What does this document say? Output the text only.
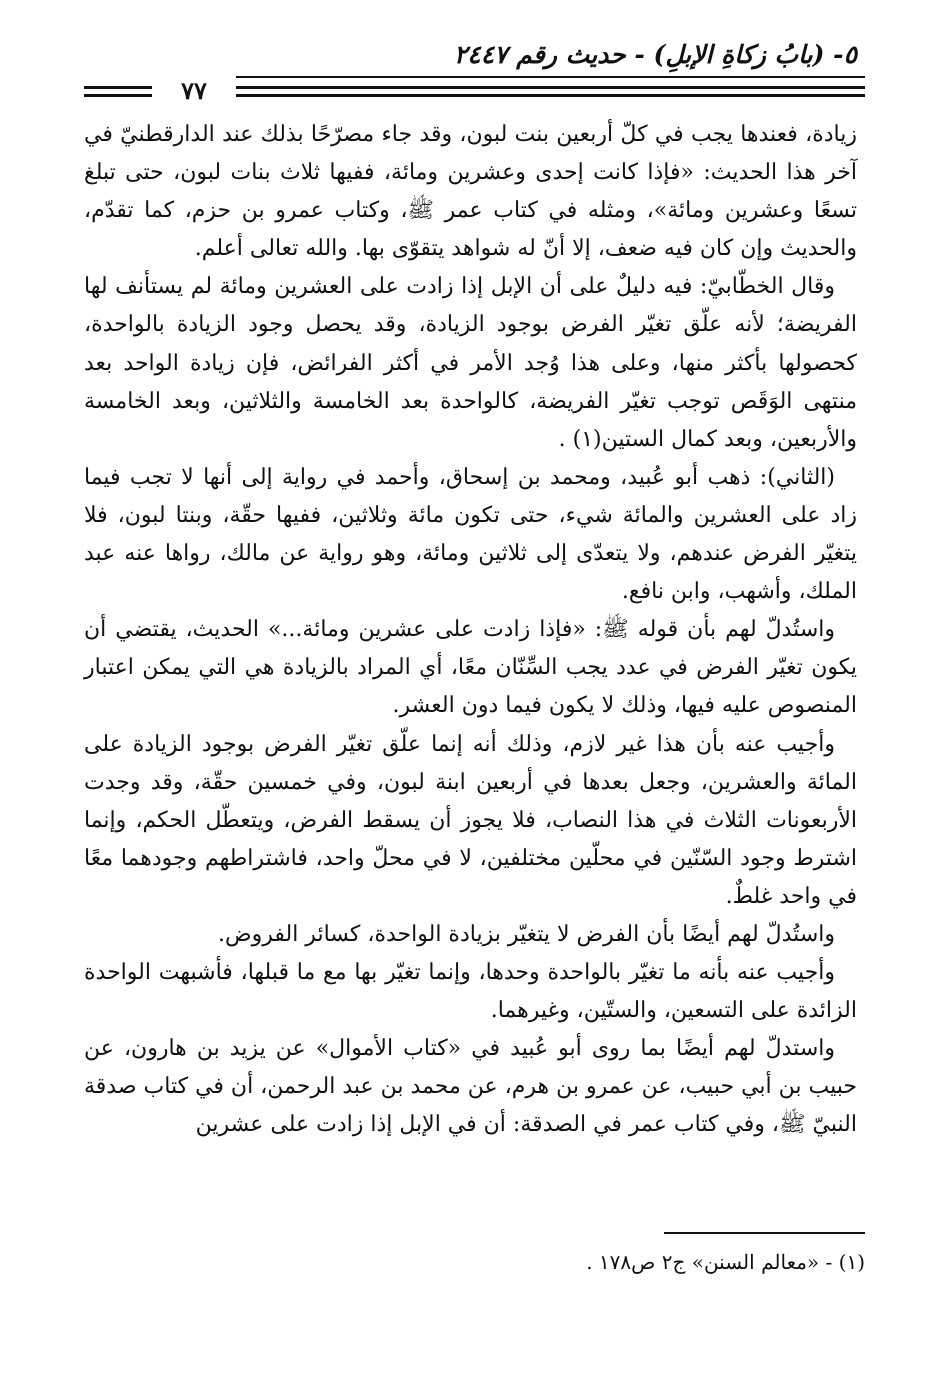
٥- (بابُ زكاةِ الإبلِ) - حديث رقم ٢٤٤٧
٧٧

زيادة، فعندها يجب في كلّ أربعين بنت لبون، وقد جاء مصرّحًا بذلك عند الدارقطنيّ في آخر هذا الحديث: «فإذا كانت إحدى وعشرين ومائة، ففيها ثلاث بنات لبون، حتى تبلغ تسعًا وعشرين ومائة»، ومثله في كتاب عمر ﷺ، وكتاب عمرو بن حزم، كما تقدّم، والحديث وإن كان فيه ضعف، إلا أنّ له شواهد يتقوّى بها. والله تعالى أعلم.

وقال الخطّابيّ: فيه دليلٌ على أن الإبل إذا زادت على العشرين ومائة لم يستأنف لها الفريضة؛ لأنه علّق تغيّر الفرض بوجود الزيادة، وقد يحصل وجود الزيادة بالواحدة، كحصولها بأكثر منها، وعلى هذا وُجد الأمر في أكثر الفرائض، فإن زيادة الواحد بعد منتهى الوَقَص توجب تغيّر الفريضة، كالواحدة بعد الخامسة والثلاثين، وبعد الخامسة والأربعين، وبعد كمال الستين(١) .

(الثاني): ذهب أبو عُبيد، ومحمد بن إسحاق، وأحمد في رواية إلى أنها لا تجب فيما زاد على العشرين والمائة شيء، حتى تكون مائة وثلاثين، ففيها حقّة، وبنتا لبون، فلا يتغيّر الفرض عندهم، ولا يتعدّى إلى ثلاثين ومائة، وهو رواية عن مالك، رواها عنه عبد الملك، وأشهب، وابن نافع.

واستُدلّ لهم بأن قوله ﷺ: «فإذا زادت على عشرين ومائة...» الحديث، يقتضي أن يكون تغيّر الفرض في عدد يجب السِّنّان معًا، أي المراد بالزيادة هي التي يمكن اعتبار المنصوص عليه فيها، وذلك لا يكون فيما دون العشر.

وأجيب عنه بأن هذا غير لازم، وذلك أنه إنما علّق تغيّر الفرض بوجود الزيادة على المائة والعشرين، وجعل بعدها في أربعين ابنة لبون، وفي خمسين حقّة، وقد وجدت الأربعونات الثلاث في هذا النصاب، فلا يجوز أن يسقط الفرض، ويتعطّل الحكم، وإنما اشترط وجود السّنّين في محلّين مختلفين، لا في محلّ واحد، فاشتراطهم وجودهما معًا في واحد غلطٌ.

واستُدلّ لهم أيضًا بأن الفرض لا يتغيّر بزيادة الواحدة، كسائر الفروض.

وأجيب عنه بأنه ما تغيّر بالواحدة وحدها، وإنما تغيّر بها مع ما قبلها، فأشبهت الواحدة الزائدة على التسعين، والستّين، وغيرهما.

واستدلّ لهم أيضًا بما روى أبو عُبيد في «كتاب الأموال» عن يزيد بن هارون، عن حبيب بن أبي حبيب، عن عمرو بن هرم، عن محمد بن عبد الرحمن، أن في كتاب صدقة النبيّ ﷺ، وفي كتاب عمر في الصدقة: أن في الإبل إذا زادت على عشرين

(١) - «معالم السنن» ج٢ ص١٧٨ .
